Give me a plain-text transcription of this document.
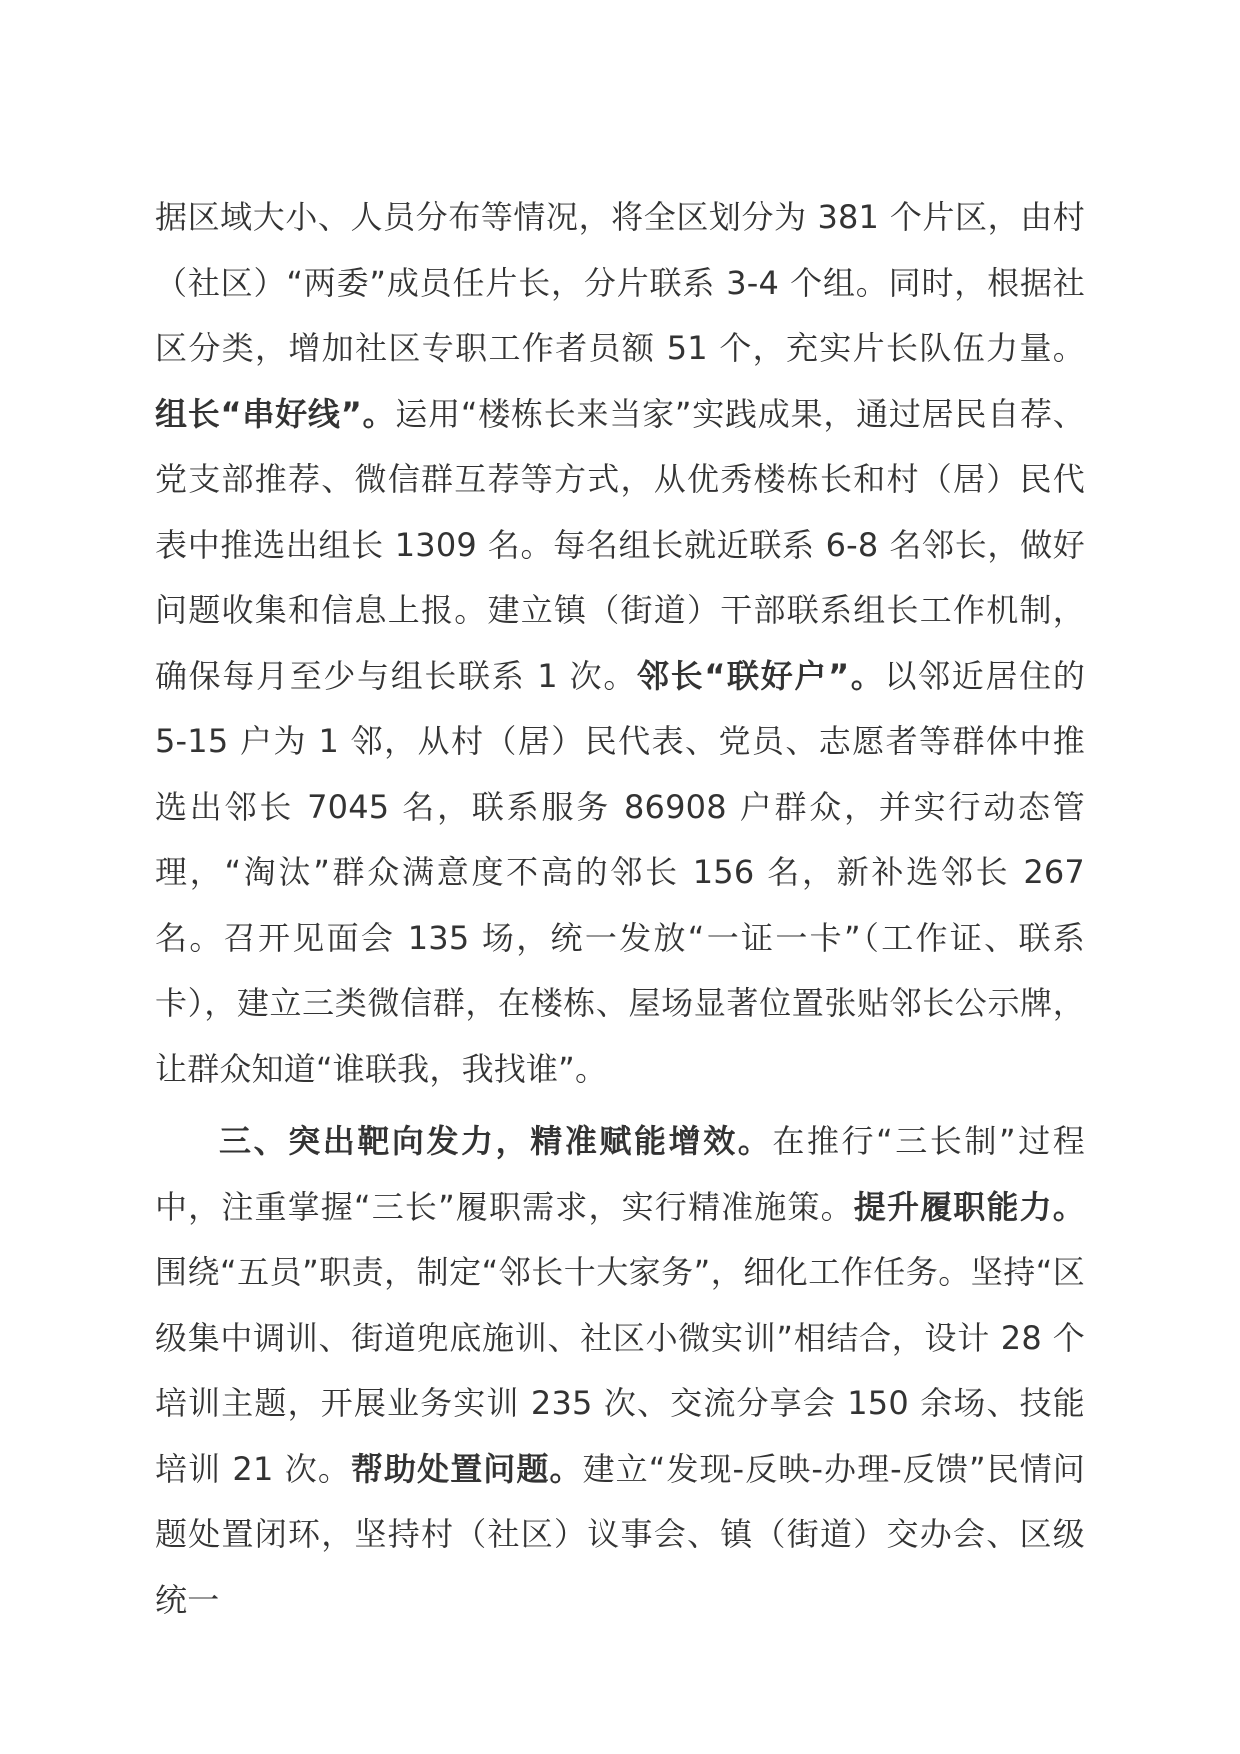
据区域大小、人员分布等情况，将全区划分为 381 个片区，由村（社区）“两委”成员任片长，分片联系 3-4 个组。同时，根据社区分类，增加社区专职工作者员额 51 个，充实片长队伍力量。组长“串好线”。运用“楼栋长来当家”实践成果，通过居民自荐、党支部推荐、微信群互荐等方式，从优秀楼栋长和村（居）民代表中推选出组长 1309 名。每名组长就近联系 6-8 名邻长，做好问题收集和信息上报。建立镇（街道）干部联系组长工作机制，确保每月至少与组长联系 1 次。邻长“联好户”。以邻近居住的 5-15 户为 1 邻，从村（居）民代表、党员、志愿者等群体中推选出邻长 7045 名，联系服务 86908 户群众，并实行动态管理，“淘汰”群众满意度不高的邻长 156 名，新补选邻长 267 名。召开见面会 135 场，统一发放“一证一卡”（工作证、联系卡），建立三类微信群，在楼栋、屋场显著位置张贴邻长公示牌，让群众知道“谁联我，我找谁”。

三、突出靶向发力，精准赋能增效。在推行“三长制”过程中，注重掌握“三长”履职需求，实行精准施策。提升履职能力。围绕“五员”职责，制定“邻长十大家务”，细化工作任务。坚持“区级集中调训、街道兜底施训、社区小微实训”相结合，设计 28 个培训主题，开展业务实训 235 次、交流分享会 150 余场、技能培训 21 次。帮助处置问题。建立“发现-反映-办理-反馈”民情问题处置闭环，坚持村（社区）议事会、镇（街道）交办会、区级统一
